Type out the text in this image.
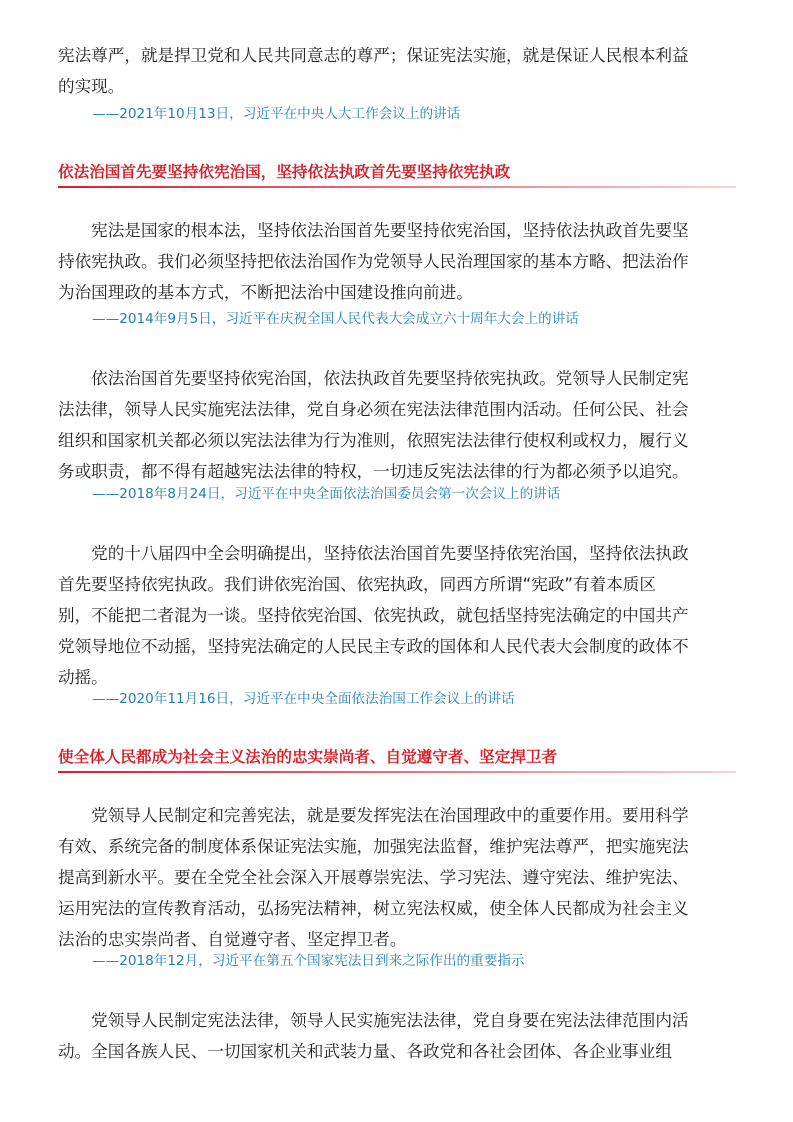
宪法尊严，就是捍卫党和人民共同意志的尊严；保证宪法实施，就是保证人民根本利益
的实现。
——2021年10月13日，习近平在中央人大工作会议上的讲话
依法治国首先要坚持依宪治国，坚持依法执政首先要坚持依宪执政
　　宪法是国家的根本法，坚持依法治国首先要坚持依宪治国，坚持依法执政首先要坚
持依宪执政。我们必须坚持把依法治国作为党领导人民治理国家的基本方略、把法治作
为治国理政的基本方式，不断把法治中国建设推向前进。
——2014年9月5日，习近平在庆祝全国人民代表大会成立六十周年大会上的讲话
　　依法治国首先要坚持依宪治国，依法执政首先要坚持依宪执政。党领导人民制定宪
法法律，领导人民实施宪法法律，党自身必须在宪法法律范围内活动。任何公民、社会
组织和国家机关都必须以宪法法律为行为准则，依照宪法法律行使权利或权力，履行义
务或职责，都不得有超越宪法法律的特权，一切违反宪法法律的行为都必须予以追究。
——2018年8月24日，习近平在中央全面依法治国委员会第一次会议上的讲话
　　党的十八届四中全会明确提出，坚持依法治国首先要坚持依宪治国，坚持依法执政
首先要坚持依宪执政。我们讲依宪治国、依宪执政，同西方所谓“宪政”有着本质区
别，不能把二者混为一谈。坚持依宪治国、依宪执政，就包括坚持宪法确定的中国共产
党领导地位不动摇，坚持宪法确定的人民民主专政的国体和人民代表大会制度的政体不
动摇。
——2020年11月16日，习近平在中央全面依法治国工作会议上的讲话
使全体人民都成为社会主义法治的忠实崇尚者、自觉遵守者、坚定捍卫者
　　党领导人民制定和完善宪法，就是要发挥宪法在治国理政中的重要作用。要用科学
有效、系统完备的制度体系保证宪法实施，加强宪法监督，维护宪法尊严，把实施宪法
提高到新水平。要在全党全社会深入开展尊崇宪法、学习宪法、遵守宪法、维护宪法、
运用宪法的宣传教育活动，弘扬宪法精神，树立宪法权威，使全体人民都成为社会主义
法治的忠实崇尚者、自觉遵守者、坚定捍卫者。
——2018年12月，习近平在第五个国家宪法日到来之际作出的重要指示
　　党领导人民制定宪法法律，领导人民实施宪法法律，党自身要在宪法法律范围内活
动。全国各族人民、一切国家机关和武装力量、各政党和各社会团体、各企业事业组
